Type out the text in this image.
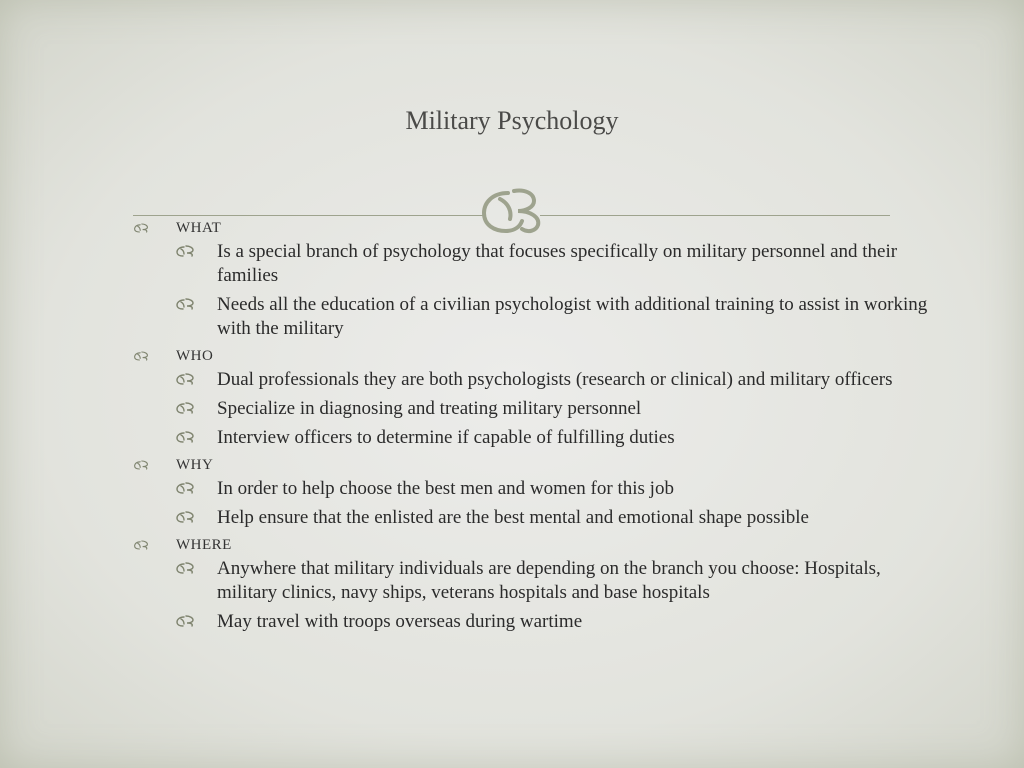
Military Psychology
WHAT
Is a special branch of psychology that focuses specifically on military personnel and their families
Needs all the education of a civilian psychologist with additional training to assist in working with the military
WHO
Dual professionals they are both psychologists (research or clinical) and military officers
Specialize in diagnosing and treating military personnel
Interview officers to determine if capable of fulfilling duties
WHY
In order to help choose the best men and women for this job
Help ensure that the enlisted are the best mental and emotional shape possible
WHERE
Anywhere that military individuals are depending on the branch you choose: Hospitals, military clinics, navy ships, veterans hospitals and base hospitals
May travel with troops overseas during wartime
